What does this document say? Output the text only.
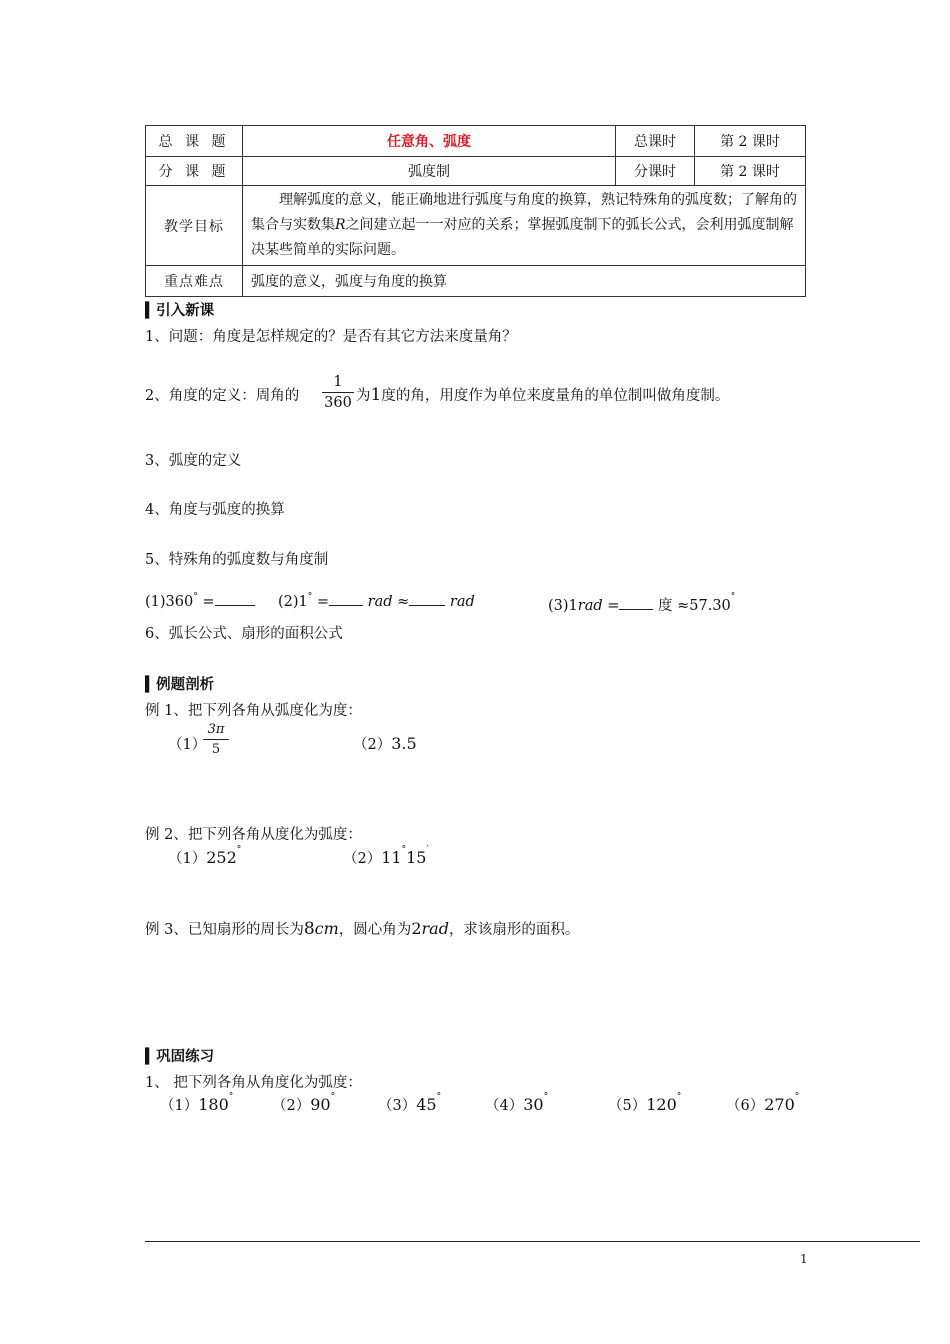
总 课 题	任意角、弧度	总课时	第 2 课时
分 课 题	弧度制	分课时	第 2 课时
教学目标	理解弧度的意义，能正确地进行弧度与角度的换算，熟记特殊角的弧度数；了解角的集合与实数集R之间建立起一一对应的关系；掌握弧度制下的弧长公式，会利用弧度制解决某些简单的实际问题。		
重点难点	弧度的意义，弧度与角度的换算		
▍引入新课
1、问题：角度是怎样规定的？是否有其它方法来度量角？
2、角度的定义：周角的
1
360 为1度的角，用度作为单位来度量角的单位制叫做角度制。
3、弧度的定义
4、角度与弧度的换算
5、特殊角的弧度数与角度制
(1)360° =	(2)1° =	rad ≈	rad	(3)1rad =	度 ≈57.30°
6、弧长公式、扇形的面积公式
▍例题剖析
例 1、把下列各角从弧度化为度：
（1）
3π
5	（2）3.5
例 2、把下列各角从度化为弧度：
（1）252°
（2）11°15′
例 3、已知扇形的周长为8cm，圆心角为2rad，求该扇形的面积。
▍巩固练习
1、 把下列各角从角度化为弧度：
（1）180°
（2）90°
（3）45°
（4）30°
（5）120°
（6）270°
1
